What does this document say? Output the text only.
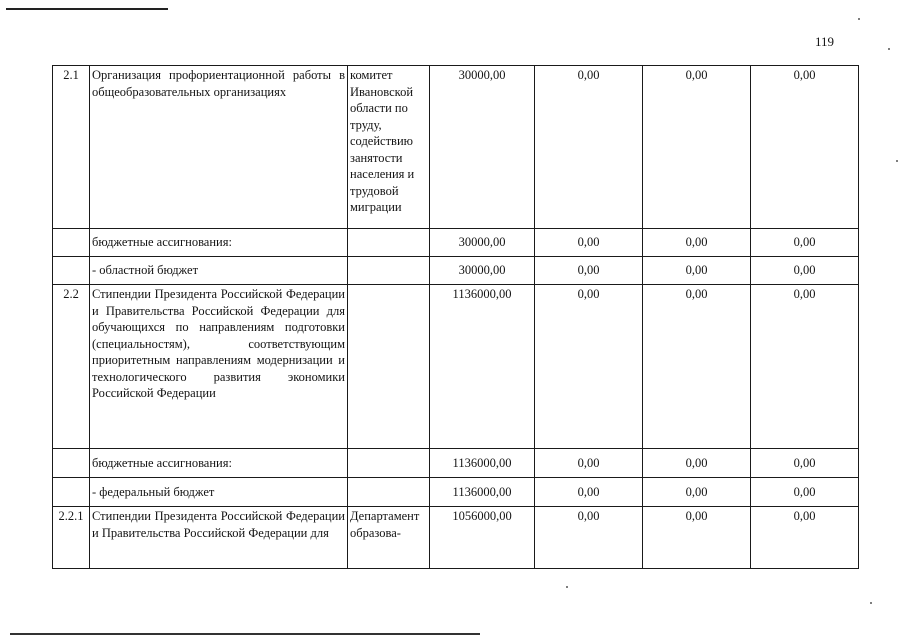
119
2.1	Организация профориентационной работы в общеобразовательных организациях	комитет Ивановской области по труду, содействию занятости населения и трудовой миграции	30000,00	0,00	0,00	0,00
	бюджетные ассигнования:		30000,00	0,00	0,00	0,00
	- областной бюджет		30000,00	0,00	0,00	0,00
2.2	Стипендии Президента Российской Федерации и Правительства Российской Федерации для обучающихся по направлениям подготовки (специальностям), соответствующим приоритетным направлениям модернизации и технологического развития экономики Российской Федерации		1136000,00	0,00	0,00	0,00
	бюджетные ассигнования:		1136000,00	0,00	0,00	0,00
	- федеральный бюджет		1136000,00	0,00	0,00	0,00
2.2.1	Стипендии Президента Российской Федерации и Правительства Российской Федерации для	Департамент образова-	1056000,00	0,00	0,00	0,00
